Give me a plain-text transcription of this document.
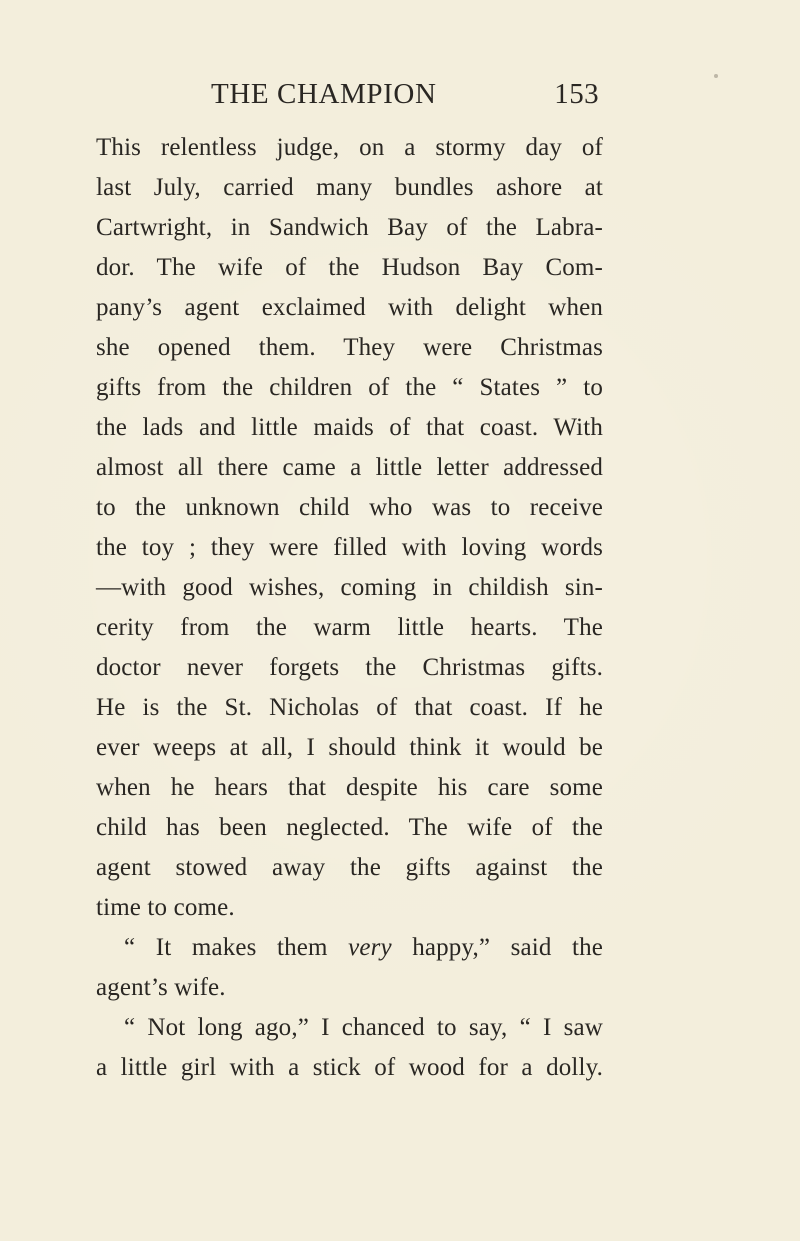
THE CHAMPION	153
This relentless judge, on a stormy day of
last July, carried many bundles ashore at
Cartwright, in Sandwich Bay of the Labra-
dor. The wife of the Hudson Bay Com-
pany’s agent exclaimed with delight when
she opened them. They were Christmas
gifts from the children of the “ States ” to
the lads and little maids of that coast. With
almost all there came a little letter addressed
to the unknown child who was to receive
the toy ; they were filled with loving words
—with good wishes, coming in childish sin-
cerity from the warm little hearts. The
doctor never forgets the Christmas gifts.
He is the St. Nicholas of that coast. If he
ever weeps at all, I should think it would be
when he hears that despite his care some
child has been neglected. The wife of the
agent stowed away the gifts against the
time to come.
“ It makes them very happy,” said the
agent’s wife.
“ Not long ago,” I chanced to say, “ I saw
a little girl with a stick of wood for a dolly.
